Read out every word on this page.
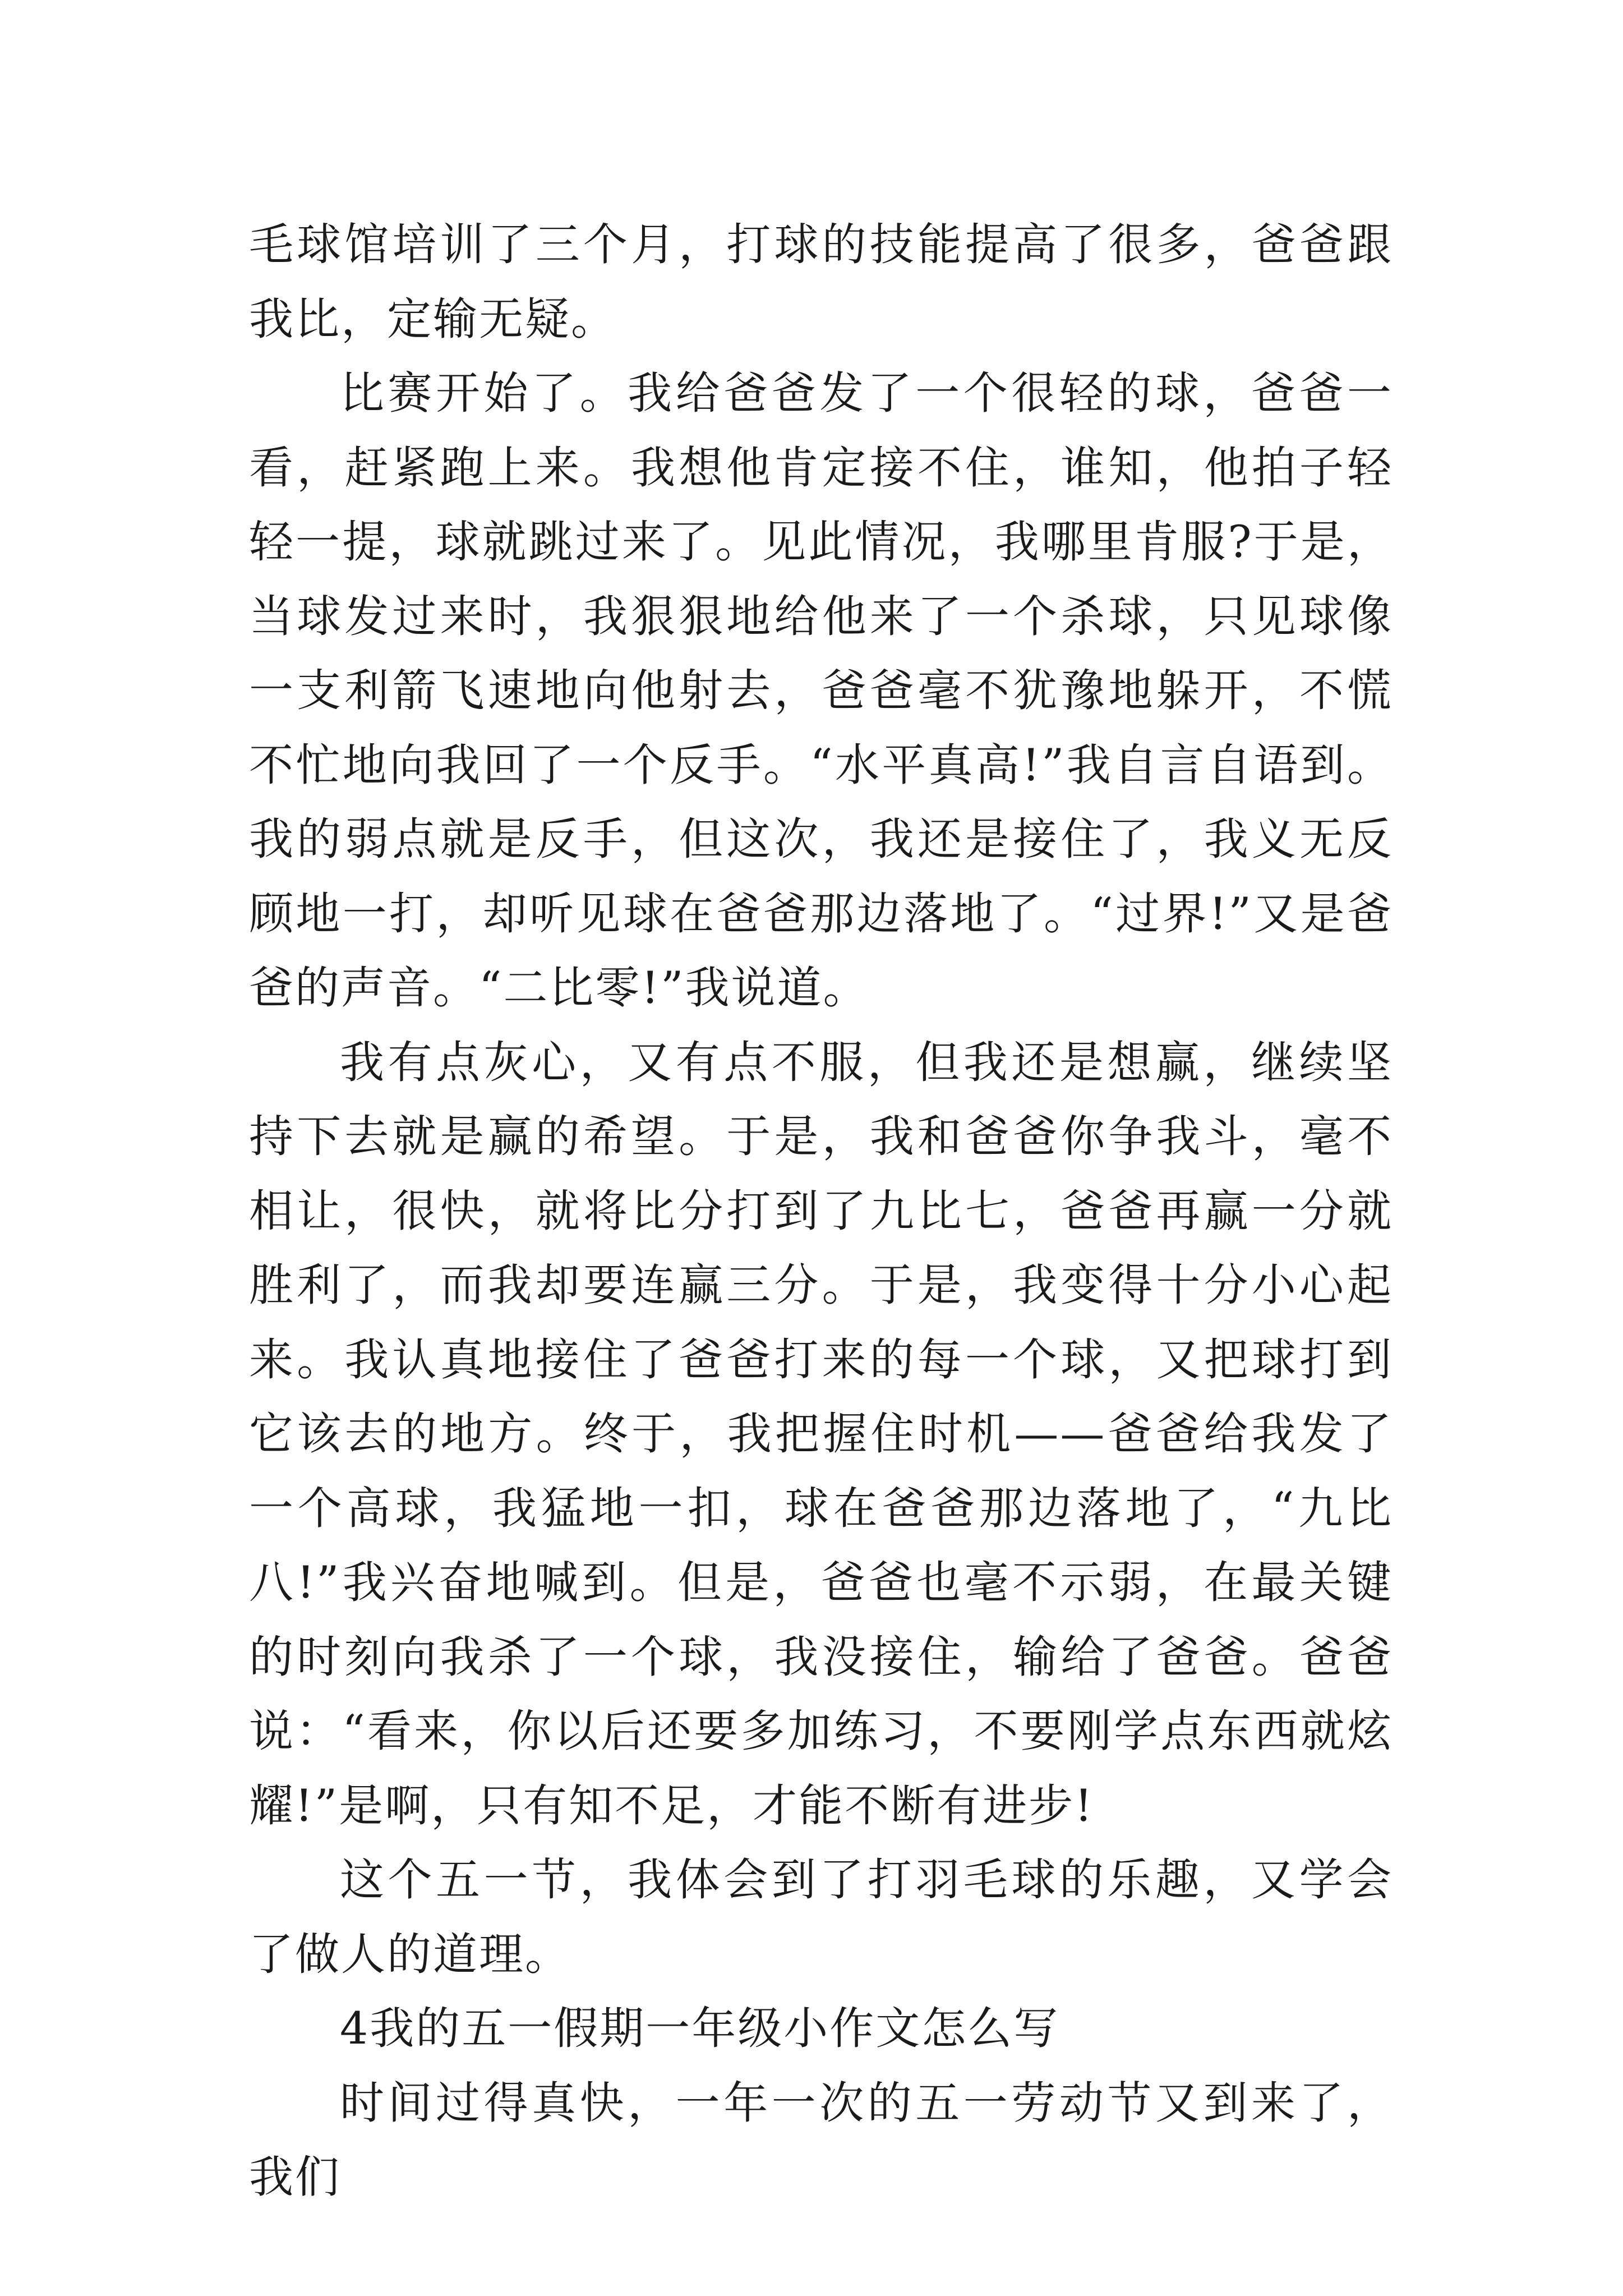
毛球馆培训了三个月，打球的技能提高了很多，爸爸跟我比，定输无疑。

比赛开始了。我给爸爸发了一个很轻的球，爸爸一看，赶紧跑上来。我想他肯定接不住，谁知，他拍子轻轻一提，球就跳过来了。见此情况，我哪里肯服?于是，当球发过来时，我狠狠地给他来了一个杀球，只见球像一支利箭飞速地向他射去，爸爸毫不犹豫地躲开，不慌不忙地向我回了一个反手。“水平真高!”我自言自语到。我的弱点就是反手，但这次，我还是接住了，我义无反顾地一打，却听见球在爸爸那边落地了。“过界!”又是爸爸的声音。“二比零!”我说道。

我有点灰心，又有点不服，但我还是想赢，继续坚持下去就是赢的希望。于是，我和爸爸你争我斗，毫不相让，很快，就将比分打到了九比七，爸爸再赢一分就胜利了，而我却要连赢三分。于是，我变得十分小心起来。我认真地接住了爸爸打来的每一个球，又把球打到它该去的地方。终于，我把握住时机——爸爸给我发了一个高球，我猛地一扣，球在爸爸那边落地了，“九比八!”我兴奋地喊到。但是，爸爸也毫不示弱，在最关键的时刻向我杀了一个球，我没接住，输给了爸爸。爸爸说：“看来，你以后还要多加练习，不要刚学点东西就炫耀!”是啊，只有知不足，才能不断有进步!

这个五一节，我体会到了打羽毛球的乐趣，又学会了做人的道理。

4我的五一假期一年级小作文怎么写

时间过得真快，一年一次的五一劳动节又到来了，我们
